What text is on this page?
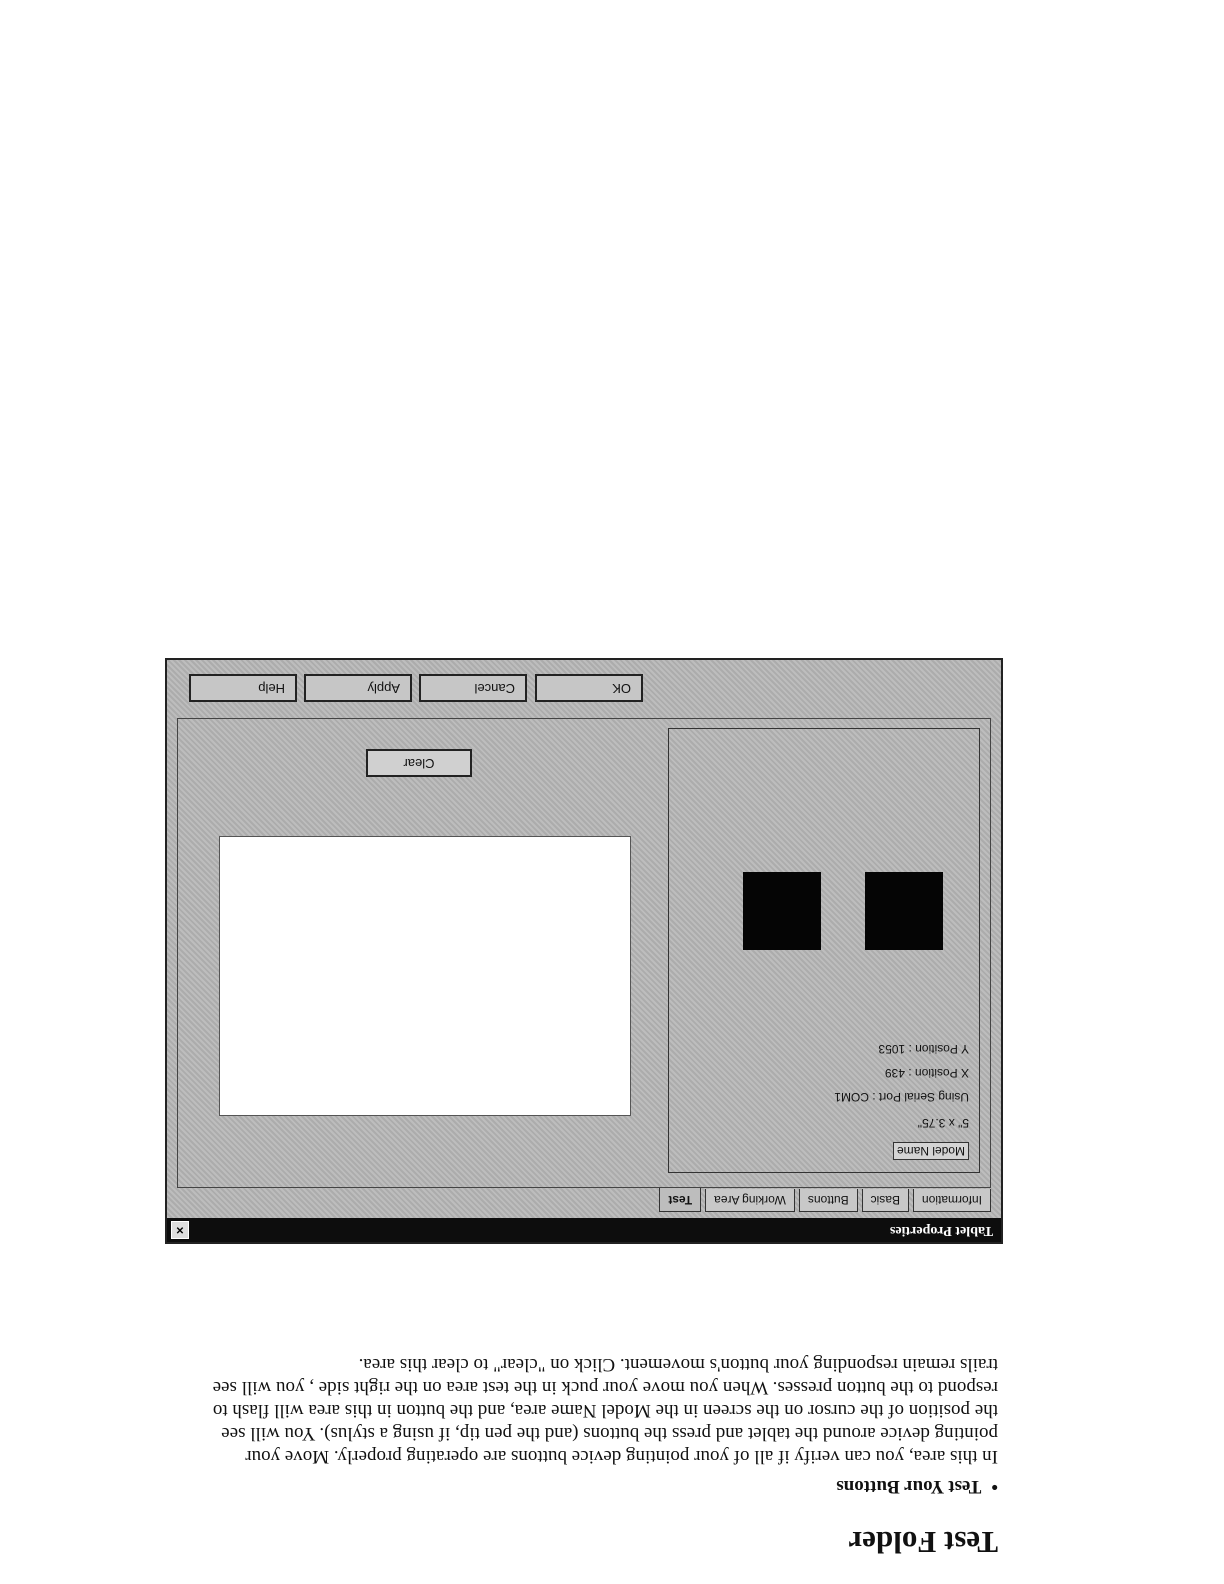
Test Folder
•Test Your Buttons

In this area, you can verify if all of your pointing device buttons are operating properly. Move your pointing device around the tablet and press the buttons (and the pen tip, if using a stylus). You will see the position of the cursor on the screen in the Model Name area, and the button in this area will flash to respond to the button presses. When you move your puck in the test area on the right side , you will see trails remain responding your button's movement. Click on "clear" to clear this area.

Tablet Properties
×
Information
Basic
Buttons
Working Area
Test
Model Name
5" x 3.75"
Using Serial Port : COM1
X Position : 439
Y Position : 1053
Clear
OK
Cancel
Apply
Help
